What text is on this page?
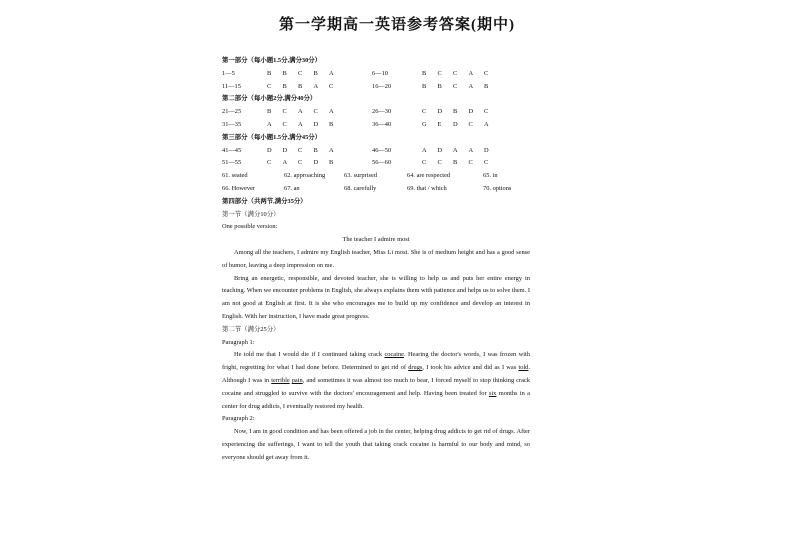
第一学期高一英语参考答案(期中)
第一部分（每小题1.5分,满分30分）
1—5	B	B	C	B	A	6—10	B	C	C	A	C
11—15	C	B	B	A	C	16—20	B	B	C	A	B
第二部分（每小题2分,满分40分）
21—25	B	C	A	C	A	26—30	C	D	B	D	C
31—35	A	C	A	D	B	36—40	G	E	D	C	A
第三部分（每小题1.5分,满分45分）
41—45	D	D	C	B	A	46—50	A	D	A	A	D
51—55	C	A	C	D	B	56—60	C	C	B	C	C
61. seated	62. approaching	63. surprised	64. are respected	65. in
66. However	67. an	68. carefully	69. that / which	70. options
第四部分（共两节,满分35分）
第一节（满分10分）
One possible version:
The teacher I admire most

Among all the teachers, I admire my English teacher, Miss Li most. She is of medium height and has a good sense of humor, leaving a deep impression on me.

Bring an energetic, responsible, and devoted teacher, she is willing to help us and puts her entire energy in teaching. When we encounter problems in English, she always explains them with patience and helps us to solve them. I am not good at English at first. It is she who encourages me to build up my confidence and develop an interest in English. With her instruction, I have made great progress.

第二节（满分25分）
Paragraph 1:

He told me that I would die if I continued taking crack cocaine. Hearing the doctor's words, I was frozen with fright, regretting for what I had done before. Determined to get rid of drugs, I took his advice and did as I was told. Although I was in terrible pain, and sometimes it was almost too much to bear, I forced myself to stop thinking crack cocaine and struggled to survive with the doctors' encouragement and help. Having been treated for six months in a center for drug addicts, I eventually restored my health.

Paragraph 2:

Now, I am in good condition and has been offered a job in the center, helping drug addicts to get rid of drugs. After experiencing the sufferings, I want to tell the youth that taking crack cocaine is harmful to our body and mind, so everyone should get away from it.
